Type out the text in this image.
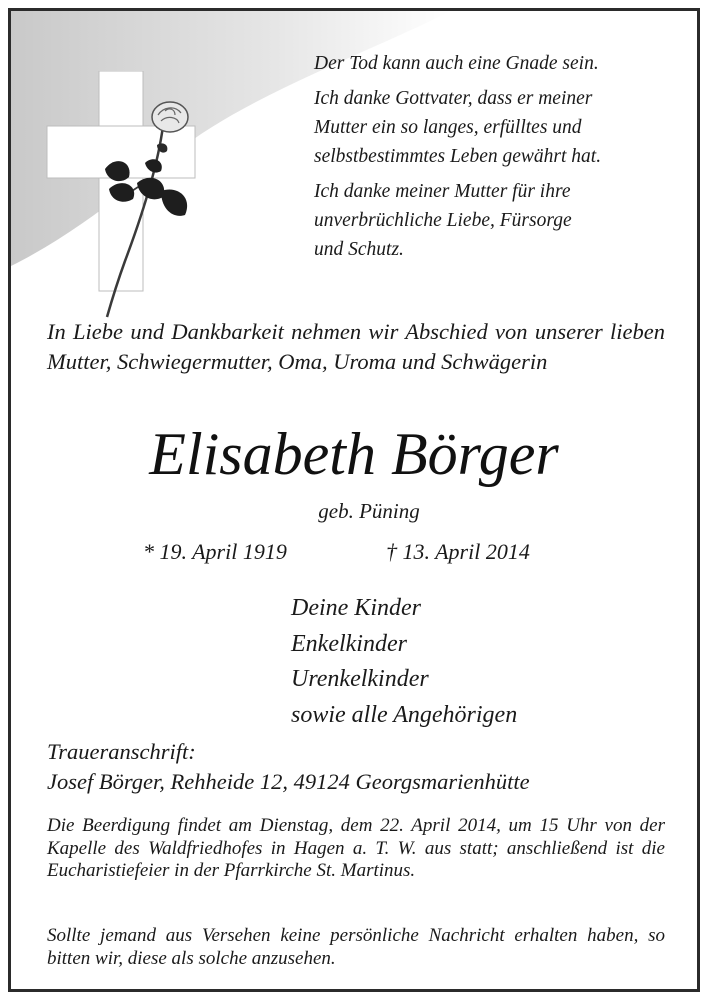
Der Tod kann auch eine Gnade sein.

Ich danke Gottvater, dass er meiner
Mutter ein so langes, erfülltes und
selbstbestimmtes Leben gewährt hat.

Ich danke meiner Mutter für ihre
unverbrüchliche Liebe, Fürsorge
und Schutz.

In Liebe und Dankbarkeit nehmen wir Abschied von unserer lieben Mutter, Schwiegermutter, Oma, Uroma und Schwägerin
Elisabeth Börger
geb. Püning
* 19. April 1919	† 13. April 2014
Deine Kinder
Enkelkinder
Urenkelkinder
sowie alle Angehörigen
Traueranschrift:
Josef Börger, Rehheide 12, 49124 Georgsmarienhütte
Die Beerdigung findet am Dienstag, dem 22. April 2014, um 15 Uhr von der Kapelle des Waldfriedhofes in Hagen a. T. W. aus statt; anschließend ist die Eucharistiefeier in der Pfarrkirche St. Martinus.
Sollte jemand aus Versehen keine persönliche Nachricht erhalten haben, so bitten wir, diese als solche anzusehen.
